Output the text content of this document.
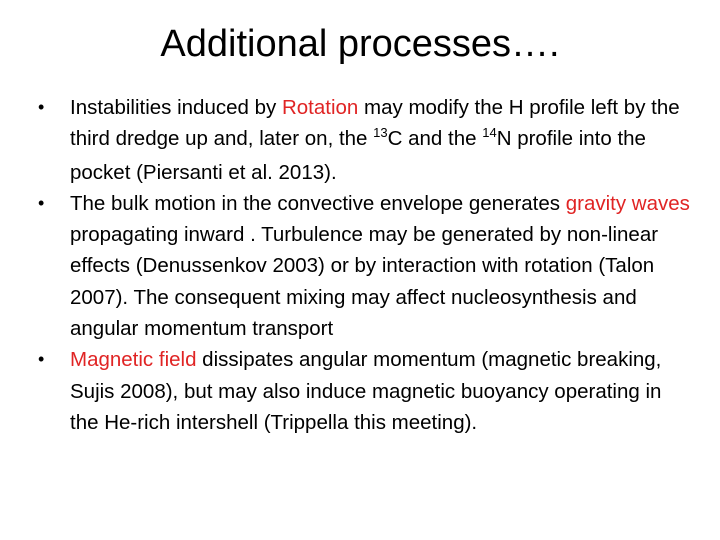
Additional processes….
•	Instabilities induced by Rotation may modify the H profile left by the third dredge up and, later on, the $^{13}$C and the $^{14}$N profile into the pocket (Piersanti et al. 2013).
•	The bulk motion in the convective envelope generates gravity waves propagating inward . Turbulence may be generated by non-linear effects (Denussenkov 2003) or by interaction with rotation (Talon 2007). The consequent mixing may affect nucleosynthesis and angular momentum transport
•	Magnetic field dissipates angular momentum (magnetic breaking, Sujis 2008), but may also induce magnetic buoyancy operating in the He-rich intershell (Trippella this meeting).
